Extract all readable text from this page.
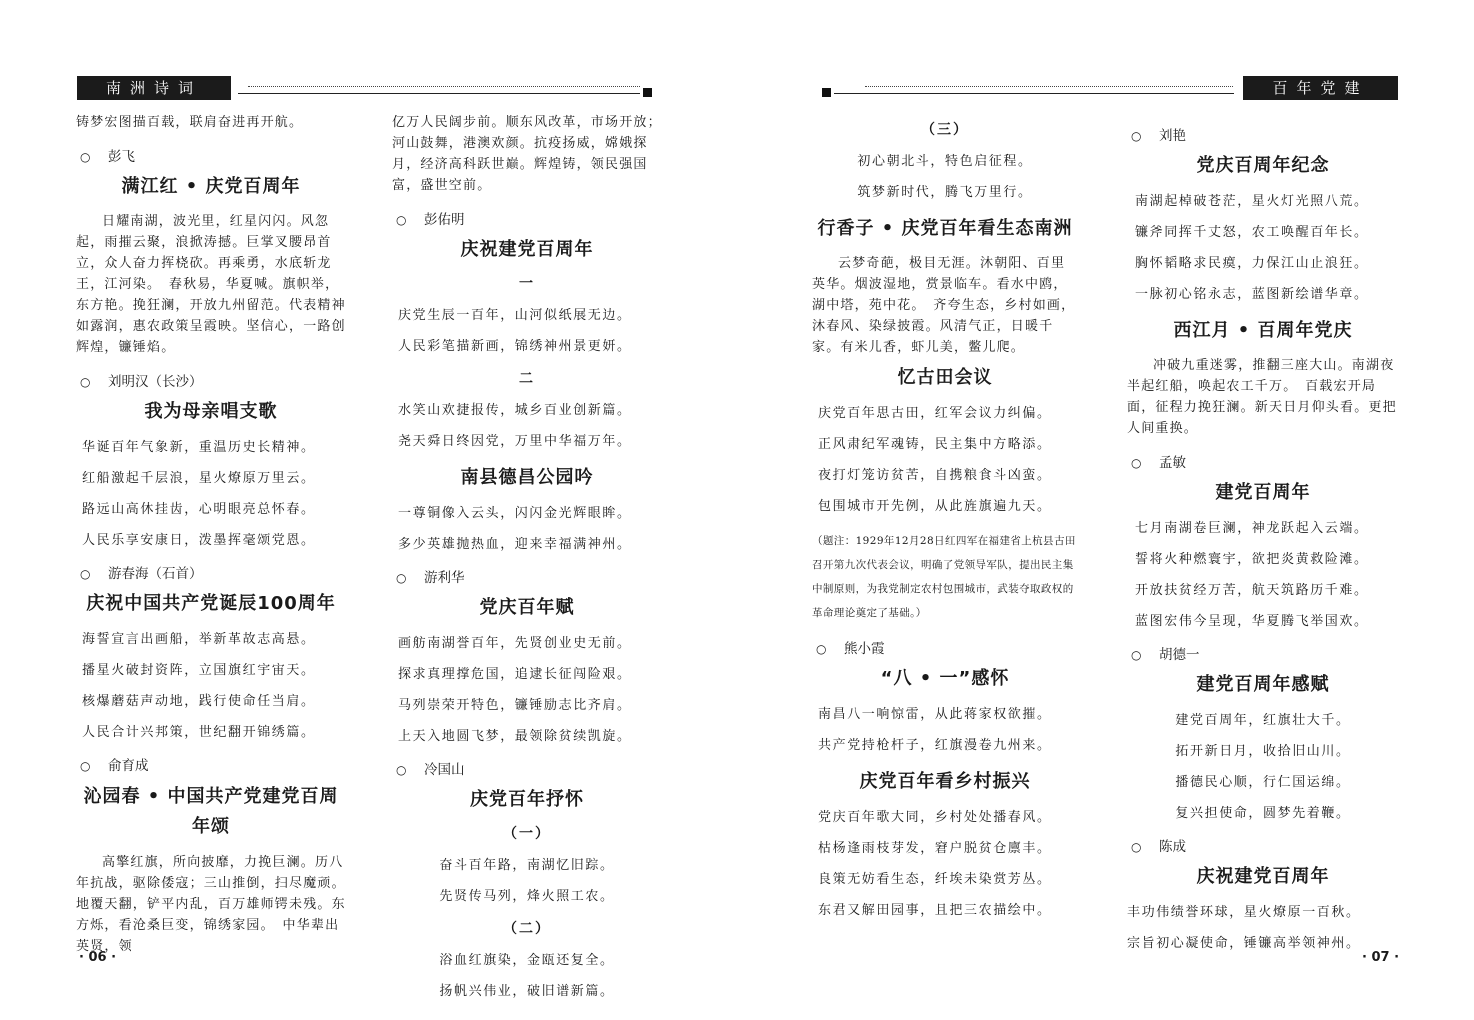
南洲诗词	百年党建

铸梦宏图描百载，联肩奋进再开航。

○ 彭飞

满江红 • 庆党百周年

日耀南湖，波光里，红星闪闪。风忽起，雨摧云聚，浪掀涛撼。巨掌叉腰昂首立，众人奋力挥桡砍。再乘勇，水底斩龙王，江河染。　春秋易，华夏喊。旗帜举，东方艳。挽狂澜，开放九州留范。代表精神如露润，惠农政策呈霞映。坚信心，一路创辉煌，镰锤焰。

○ 刘明汉（长沙）

我为母亲唱支歌

华诞百年气象新，重温历史长精神。

红船激起千层浪，星火燎原万里云。

路远山高休挂齿，心明眼亮总怀春。

人民乐享安康日，泼墨挥毫颂党恩。

○ 游春海（石首）

庆祝中国共产党诞辰100周年

海誓宣言出画船，举新革故志高悬。

播星火破封资阵，立国旗红宇宙天。

核爆蘑菇声动地，践行使命任当肩。

人民合计兴邦策，世纪翻开锦绣篇。

○ 俞育成

沁园春 • 中国共产党建党百周年颂

高擎红旗，所向披靡，力挽巨澜。历八年抗战，驱除倭寇；三山推倒，扫尽魔顽。地覆天翻，铲平内乱，百万雄师锷未残。东方烁，看沧桑巨变，锦绣家园。　中华辈出英贤，领

亿万人民阔步前。顺东风改革，市场开放；河山鼓舞，港澳欢颜。抗疫扬威，嫦娥探月，经济高科跃世巅。辉煌铸，领民强国富，盛世空前。

○ 彭佑明

庆祝建党百周年

一

庆党生辰一百年，山河似纸展无边。

人民彩笔描新画，锦绣神州景更妍。

二

水笑山欢捷报传，城乡百业创新篇。

尧天舜日终因党，万里中华福万年。

南县德昌公园吟

一尊铜像入云头，闪闪金光辉眼眸。

多少英雄抛热血，迎来幸福满神州。

○ 游利华

党庆百年赋

画舫南湖誉百年，先贤创业史无前。

探求真理撑危国，追逮长征闯险艰。

马列崇荣开特色，镰锤励志比齐肩。

上天入地圆飞梦，最领除贫续凯旋。

○ 冷国山

庆党百年抒怀

（一）

奋斗百年路，南湖忆旧踪。

先贤传马列，烽火照工农。

（二）

浴血红旗染，金瓯还复全。

扬帆兴伟业，破旧谱新篇。

（三）

初心朝北斗，特色启征程。

筑梦新时代，腾飞万里行。

行香子 • 庆党百年看生态南洲

云梦奇葩，极目无涯。沐朝阳、百里英华。烟波湿地，赏景临车。看水中鸥，湖中塔，苑中花。　齐夸生态，乡村如画，沐春风、染绿披霞。风清气正，日暖千家。有米儿香，虾儿美，鳖儿爬。

忆古田会议

庆党百年思古田，红军会议力纠偏。

正风肃纪军魂铸，民主集中方略添。

夜打灯笼访贫苦，自携粮食斗凶蛮。

包围城市开先例，从此旌旗遍九天。

（题注：1929年12月28日红四军在福建省上杭县古田召开第九次代表会议，明确了党领导军队，提出民主集中制原则，为我党制定农村包围城市，武装夺取政权的革命理论奠定了基础。）

○ 熊小霞

“八 • 一”感怀

南昌八一响惊雷，从此蒋家权欲摧。

共产党持枪杆子，红旗漫卷九州来。

庆党百年看乡村振兴

党庆百年歌大同，乡村处处播春风。

枯杨逢雨枝芽发，窘户脱贫仓廪丰。

良策无妨看生态，纤埃未染赏芳丛。

东君又解田园事，且把三农描绘中。

○ 刘艳

党庆百周年纪念

南湖起棹破苍茫，星火灯光照八荒。

镰斧同挥千丈怒，农工唤醒百年长。

胸怀韬略求民瘼，力保江山止浪狂。

一脉初心铭永志，蓝图新绘谱华章。

西江月 • 百周年党庆

冲破九重迷雾，推翻三座大山。南湖夜半起红船，唤起农工千万。　百载宏开局面，征程力挽狂澜。新天日月仰头看。更把人间重换。

○ 孟敏

建党百周年

七月南湖卷巨澜，神龙跃起入云端。

誓将火种燃寰宇，欲把炎黄救险滩。

开放扶贫经万苦，航天筑路历千难。

蓝图宏伟今呈现，华夏腾飞举国欢。

○ 胡德一

建党百周年感赋

建党百周年，红旗壮大千。

拓开新日月，收拾旧山川。

播德民心顺，行仁国运绵。

复兴担使命，圆梦先着鞭。

○ 陈成

庆祝建党百周年

丰功伟绩誉环球，星火燎原一百秋。

宗旨初心凝使命，锤镰高举领神州。

· 06 ·	· 07 ·
